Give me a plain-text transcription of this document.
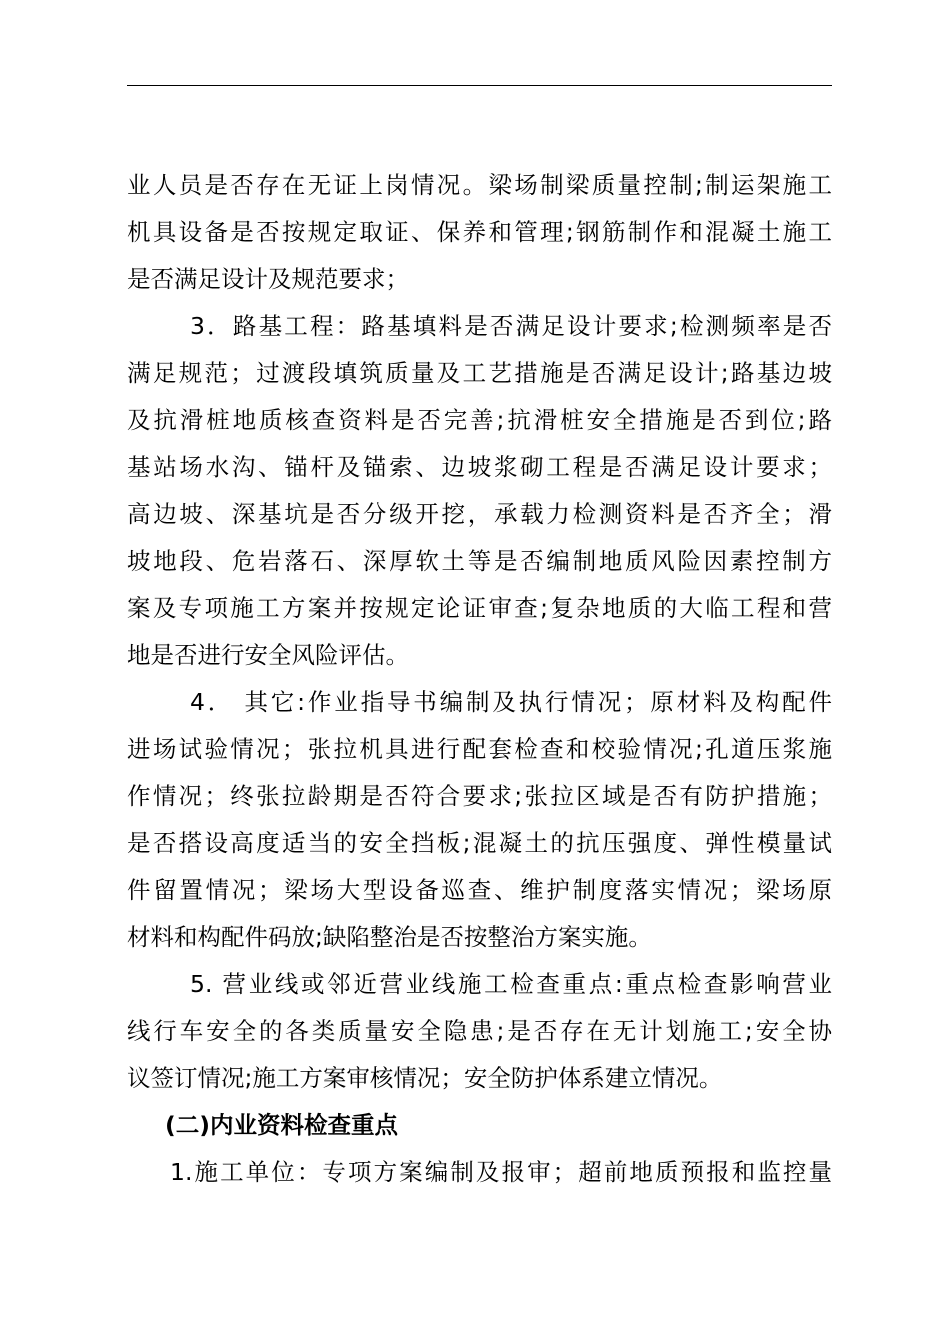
业人员是否存在无证上岗情况。梁场制梁质量控制;制运架施工
机具设备是否按规定取证、保养和管理;钢筋制作和混凝土施工
是否满足设计及规范要求；
3．路基工程：路基填料是否满足设计要求;检测频率是否
满足规范；过渡段填筑质量及工艺措施是否满足设计;路基边坡
及抗滑桩地质核查资料是否完善;抗滑桩安全措施是否到位;路
基站场水沟、锚杆及锚索、边坡浆砌工程是否满足设计要求；
高边坡、深基坑是否分级开挖，承载力检测资料是否齐全；滑
坡地段、危岩落石、深厚软土等是否编制地质风险因素控制方
案及专项施工方案并按规定论证审查;复杂地质的大临工程和营
地是否进行安全风险评估。
4． 其它:作业指导书编制及执行情况；原材料及构配件
进场试验情况；张拉机具进行配套检查和校验情况;孔道压浆施
作情况；终张拉龄期是否符合要求;张拉区域是否有防护措施；
是否搭设高度适当的安全挡板;混凝土的抗压强度、弹性模量试
件留置情况；梁场大型设备巡查、维护制度落实情况；梁场原
材料和构配件码放;缺陷整治是否按整治方案实施。
5. 营业线或邻近营业线施工检查重点:重点检查影响营业
线行车安全的各类质量安全隐患;是否存在无计划施工;安全协
议签订情况;施工方案审核情况；安全防护体系建立情况。
(二)内业资料检查重点
1.施工单位：专项方案编制及报审；超前地质预报和监控量
